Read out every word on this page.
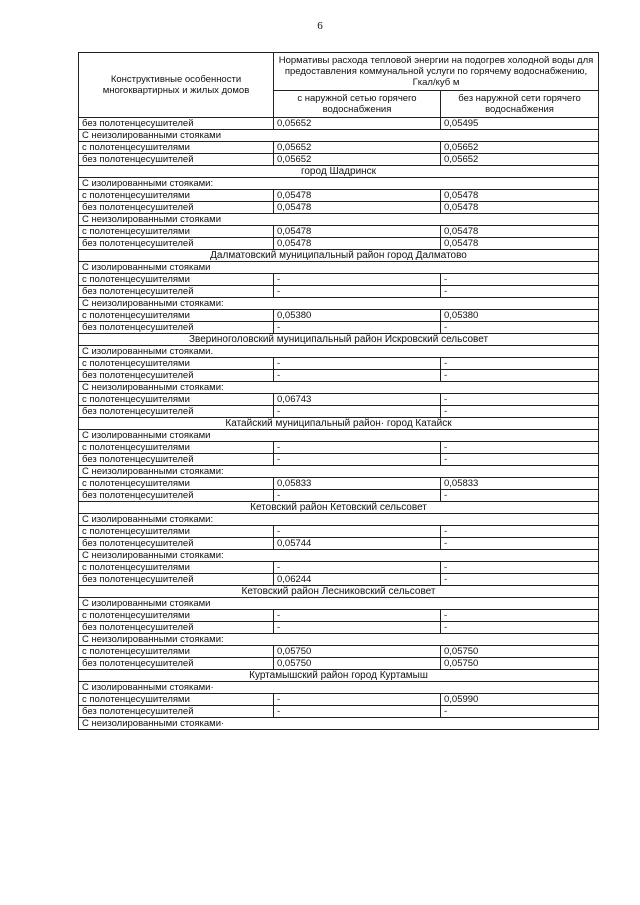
6
Конструктивные особенности многоквартирных и жилых домов	Нормативы расхода тепловой энергии на подогрев холодной воды для предоставления коммунальной услуги по горячему водоснабжению, Гкал/куб м	
	с наружной сетью горячего водоснабжения	без наружной сети горячего водоснабжения
без полотенцесушителей	0,05652	0,05495
С неизолированными стояками		
с полотенцесушителями	0,05652	0,05652
без полотенцесушителей	0,05652	0,05652
город Шадринск		
С изолированными стояками:		
с полотенцесушителями	0,05478	0,05478
без полотенцесушителей	0,05478	0,05478
С неизолированными стояками		
с полотенцесушителями	0,05478	0,05478
без полотенцесушителей	0,05478	0,05478
Далматовский муниципальный район город Далматово		
С изолированными стояками		
с полотенцесушителями	-	-
без полотенцесушителей	-	-
С неизолированными стояками:		
с полотенцесушителями	0,05380	0,05380
без полотенцесушителей	-	-
Звериноголовский муниципальный район Искровский сельсовет		
С изолированными стояками.		
с полотенцесушителями	-	-
без полотенцесушителей	-	-
С неизолированными стояками:		
с полотенцесушителями	0,06743	-
без полотенцесушителей	-	-
Катайский муниципальный район· город Катайск		
С изолированными стояками		
с полотенцесушителями	-	-
без полотенцесушителей	-	-
С неизолированными стояками:		
с полотенцесушителями	0,05833	0,05833
без полотенцесушителей	-	-
Кетовский район Кетовский сельсовет		
С изолированными стояками:		
с полотенцесушителями	-	-
без полотенцесушителей	0,05744	-
С неизолированными стояками:		
с полотенцесушителями	-	-
без полотенцесушителей	0,06244	-
Кетовский район Лесниковский сельсовет		
С изолированными стояками		
с полотенцесушителями	-	-
без полотенцесушителей	-	-
С неизолированными стояками:		
с полотенцесушителями	0,05750	0,05750
без полотенцесушителей	0,05750	0,05750
Куртамышский район город Куртамыш		
С изолированными стояками·		
с полотенцесушителями	-	0,05990
без полотенцесушителей	-	-
С неизолированными стояками·		
